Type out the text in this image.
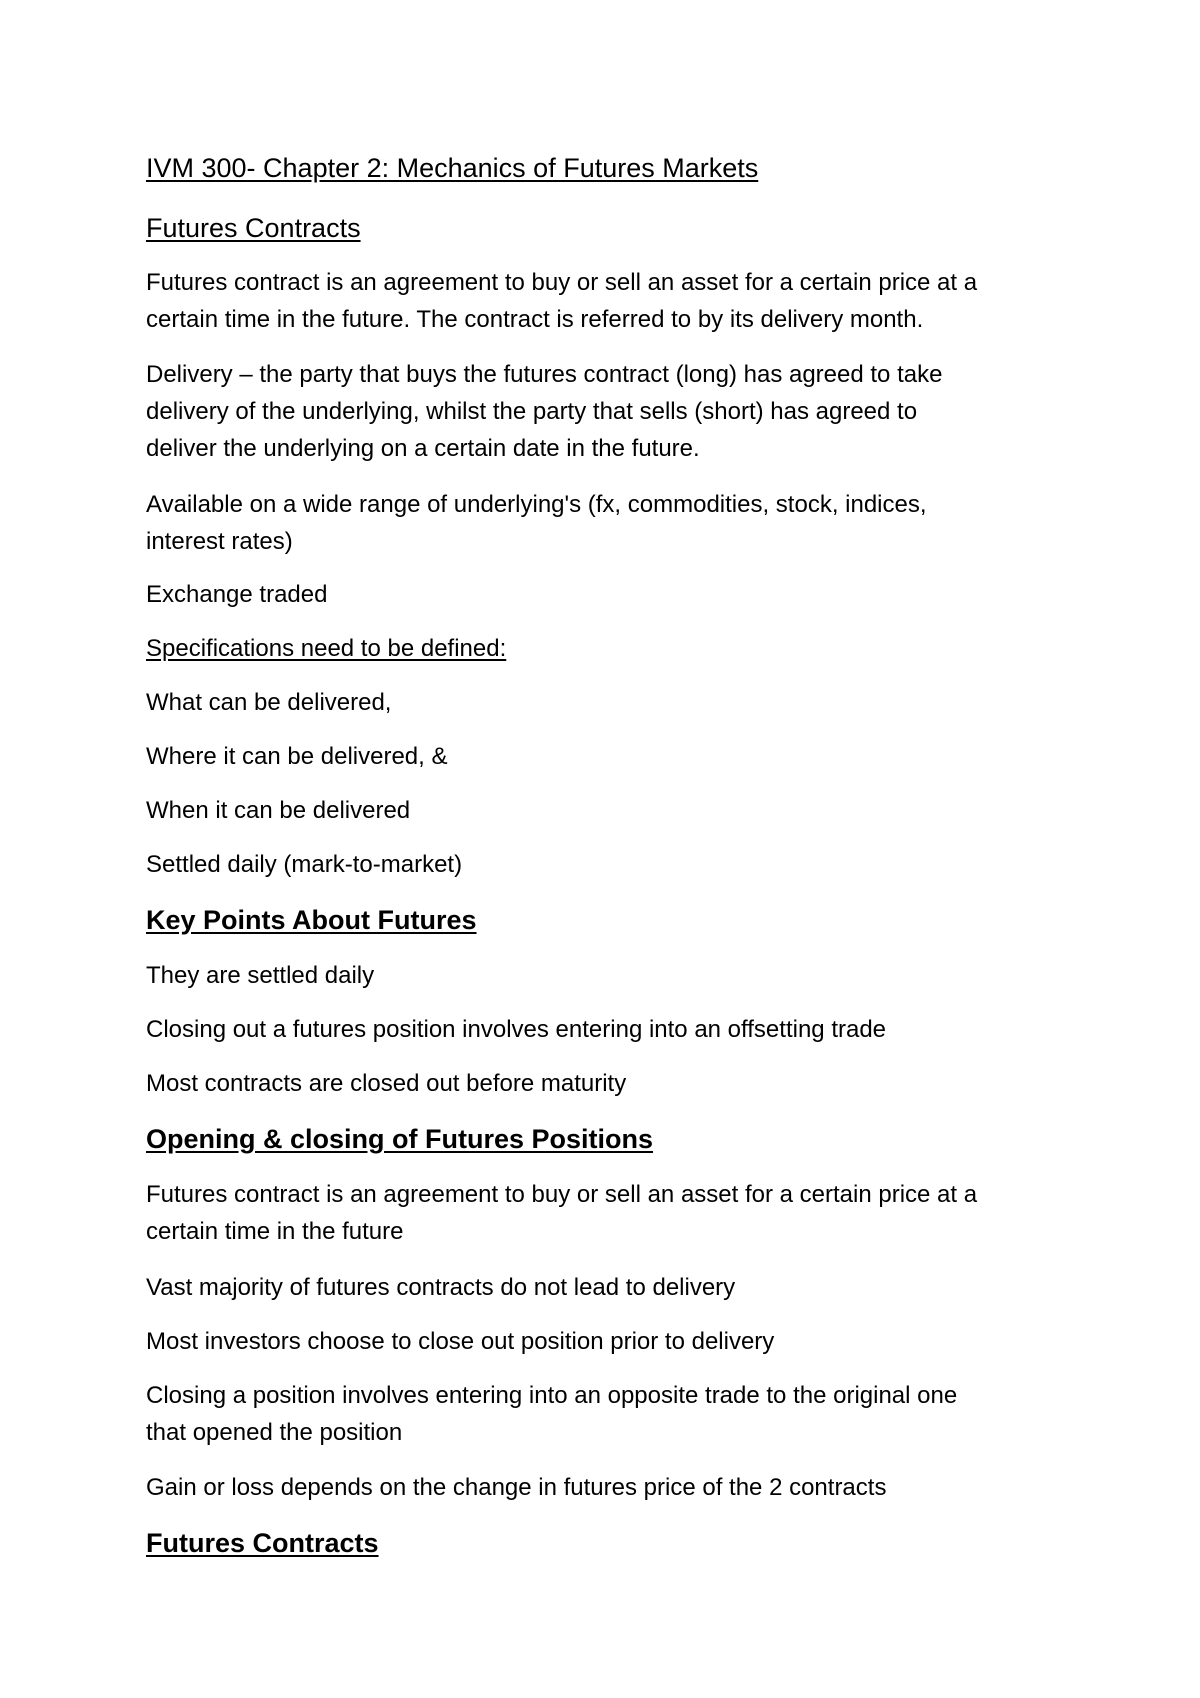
IVM 300- Chapter 2: Mechanics of Futures Markets
Futures Contracts
Futures contract is an agreement to buy or sell an asset for a certain price at a
certain time in the future. The contract is referred to by its delivery month.
Delivery – the party that buys the futures contract (long) has agreed to take
delivery of the underlying, whilst the party that sells (short) has agreed to
deliver the underlying on a certain date in the future.
Available on a wide range of underlying's (fx, commodities, stock, indices,
interest rates)
Exchange traded
Specifications need to be defined:
What can be delivered,
Where it can be delivered, &
When it can be delivered
Settled daily (mark-to-market)
Key Points About Futures
They are settled daily
Closing out a futures position involves entering into an offsetting trade
Most contracts are closed out before maturity
Opening & closing of Futures Positions
Futures contract is an agreement to buy or sell an asset for a certain price at a
certain time in the future
Vast majority of futures contracts do not lead to delivery
Most investors choose to close out position prior to delivery
Closing a position involves entering into an opposite trade to the original one
that opened the position
Gain or loss depends on the change in futures price of the 2 contracts
Futures Contracts
